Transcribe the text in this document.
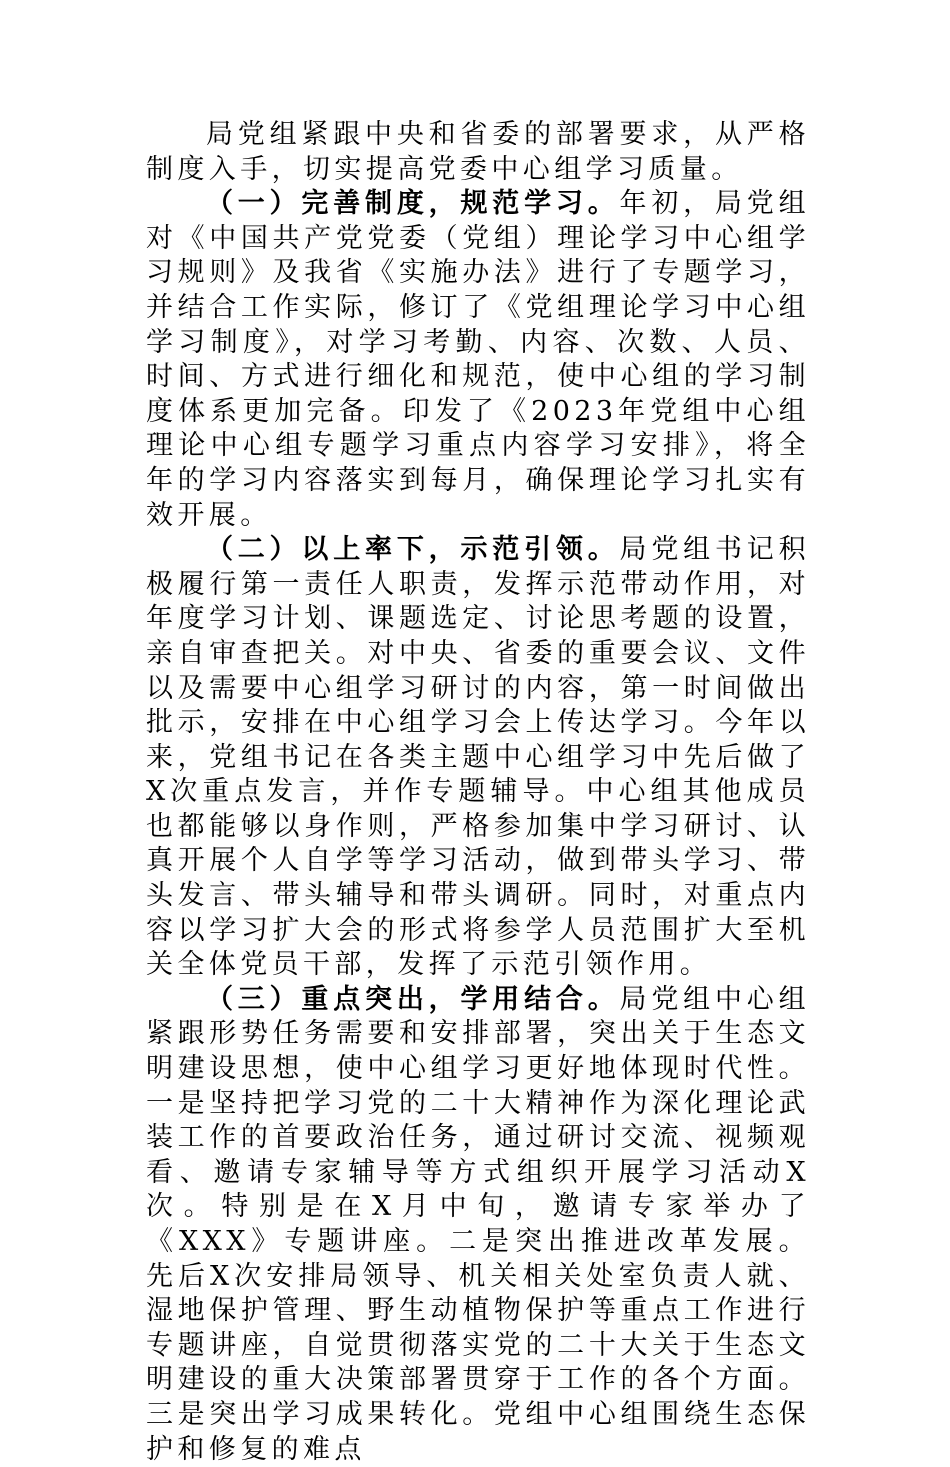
局党组紧跟中央和省委的部署要求，从严格制度入手，切实提高党委中心组学习质量。

（一）完善制度，规范学习。年初，局党组对《中国共产党党委（党组）理论学习中心组学习规则》及我省《实施办法》进行了专题学习，并结合工作实际，修订了《党组理论学习中心组学习制度》，对学习考勤、内容、次数、人员、时间、方式进行细化和规范，使中心组的学习制度体系更加完备。印发了《2023年党组中心组理论中心组专题学习重点内容学习安排》，将全年的学习内容落实到每月，确保理论学习扎实有效开展。

（二）以上率下，示范引领。局党组书记积极履行第一责任人职责，发挥示范带动作用，对年度学习计划、课题选定、讨论思考题的设置，亲自审查把关。对中央、省委的重要会议、文件以及需要中心组学习研讨的内容，第一时间做出批示，安排在中心组学习会上传达学习。今年以来，党组书记在各类主题中心组学习中先后做了X次重点发言，并作专题辅导。中心组其他成员也都能够以身作则，严格参加集中学习研讨、认真开展个人自学等学习活动，做到带头学习、带头发言、带头辅导和带头调研。同时，对重点内容以学习扩大会的形式将参学人员范围扩大至机关全体党员干部，发挥了示范引领作用。

（三）重点突出，学用结合。局党组中心组紧跟形势任务需要和安排部署，突出关于生态文明建设思想，使中心组学习更好地体现时代性。一是坚持把学习党的二十大精神作为深化理论武装工作的首要政治任务，通过研讨交流、视频观看、邀请专家辅导等方式组织开展学习活动X次。特别是在X月中旬，邀请专家举办了《XXX》专题讲座。二是突出推进改革发展。先后X次安排局领导、机关相关处室负责人就、湿地保护管理、野生动植物保护等重点工作进行专题讲座，自觉贯彻落实党的二十大关于生态文明建设的重大决策部署贯穿于工作的各个方面。三是突出学习成果转化。党组中心组围绕生态保护和修复的难点
